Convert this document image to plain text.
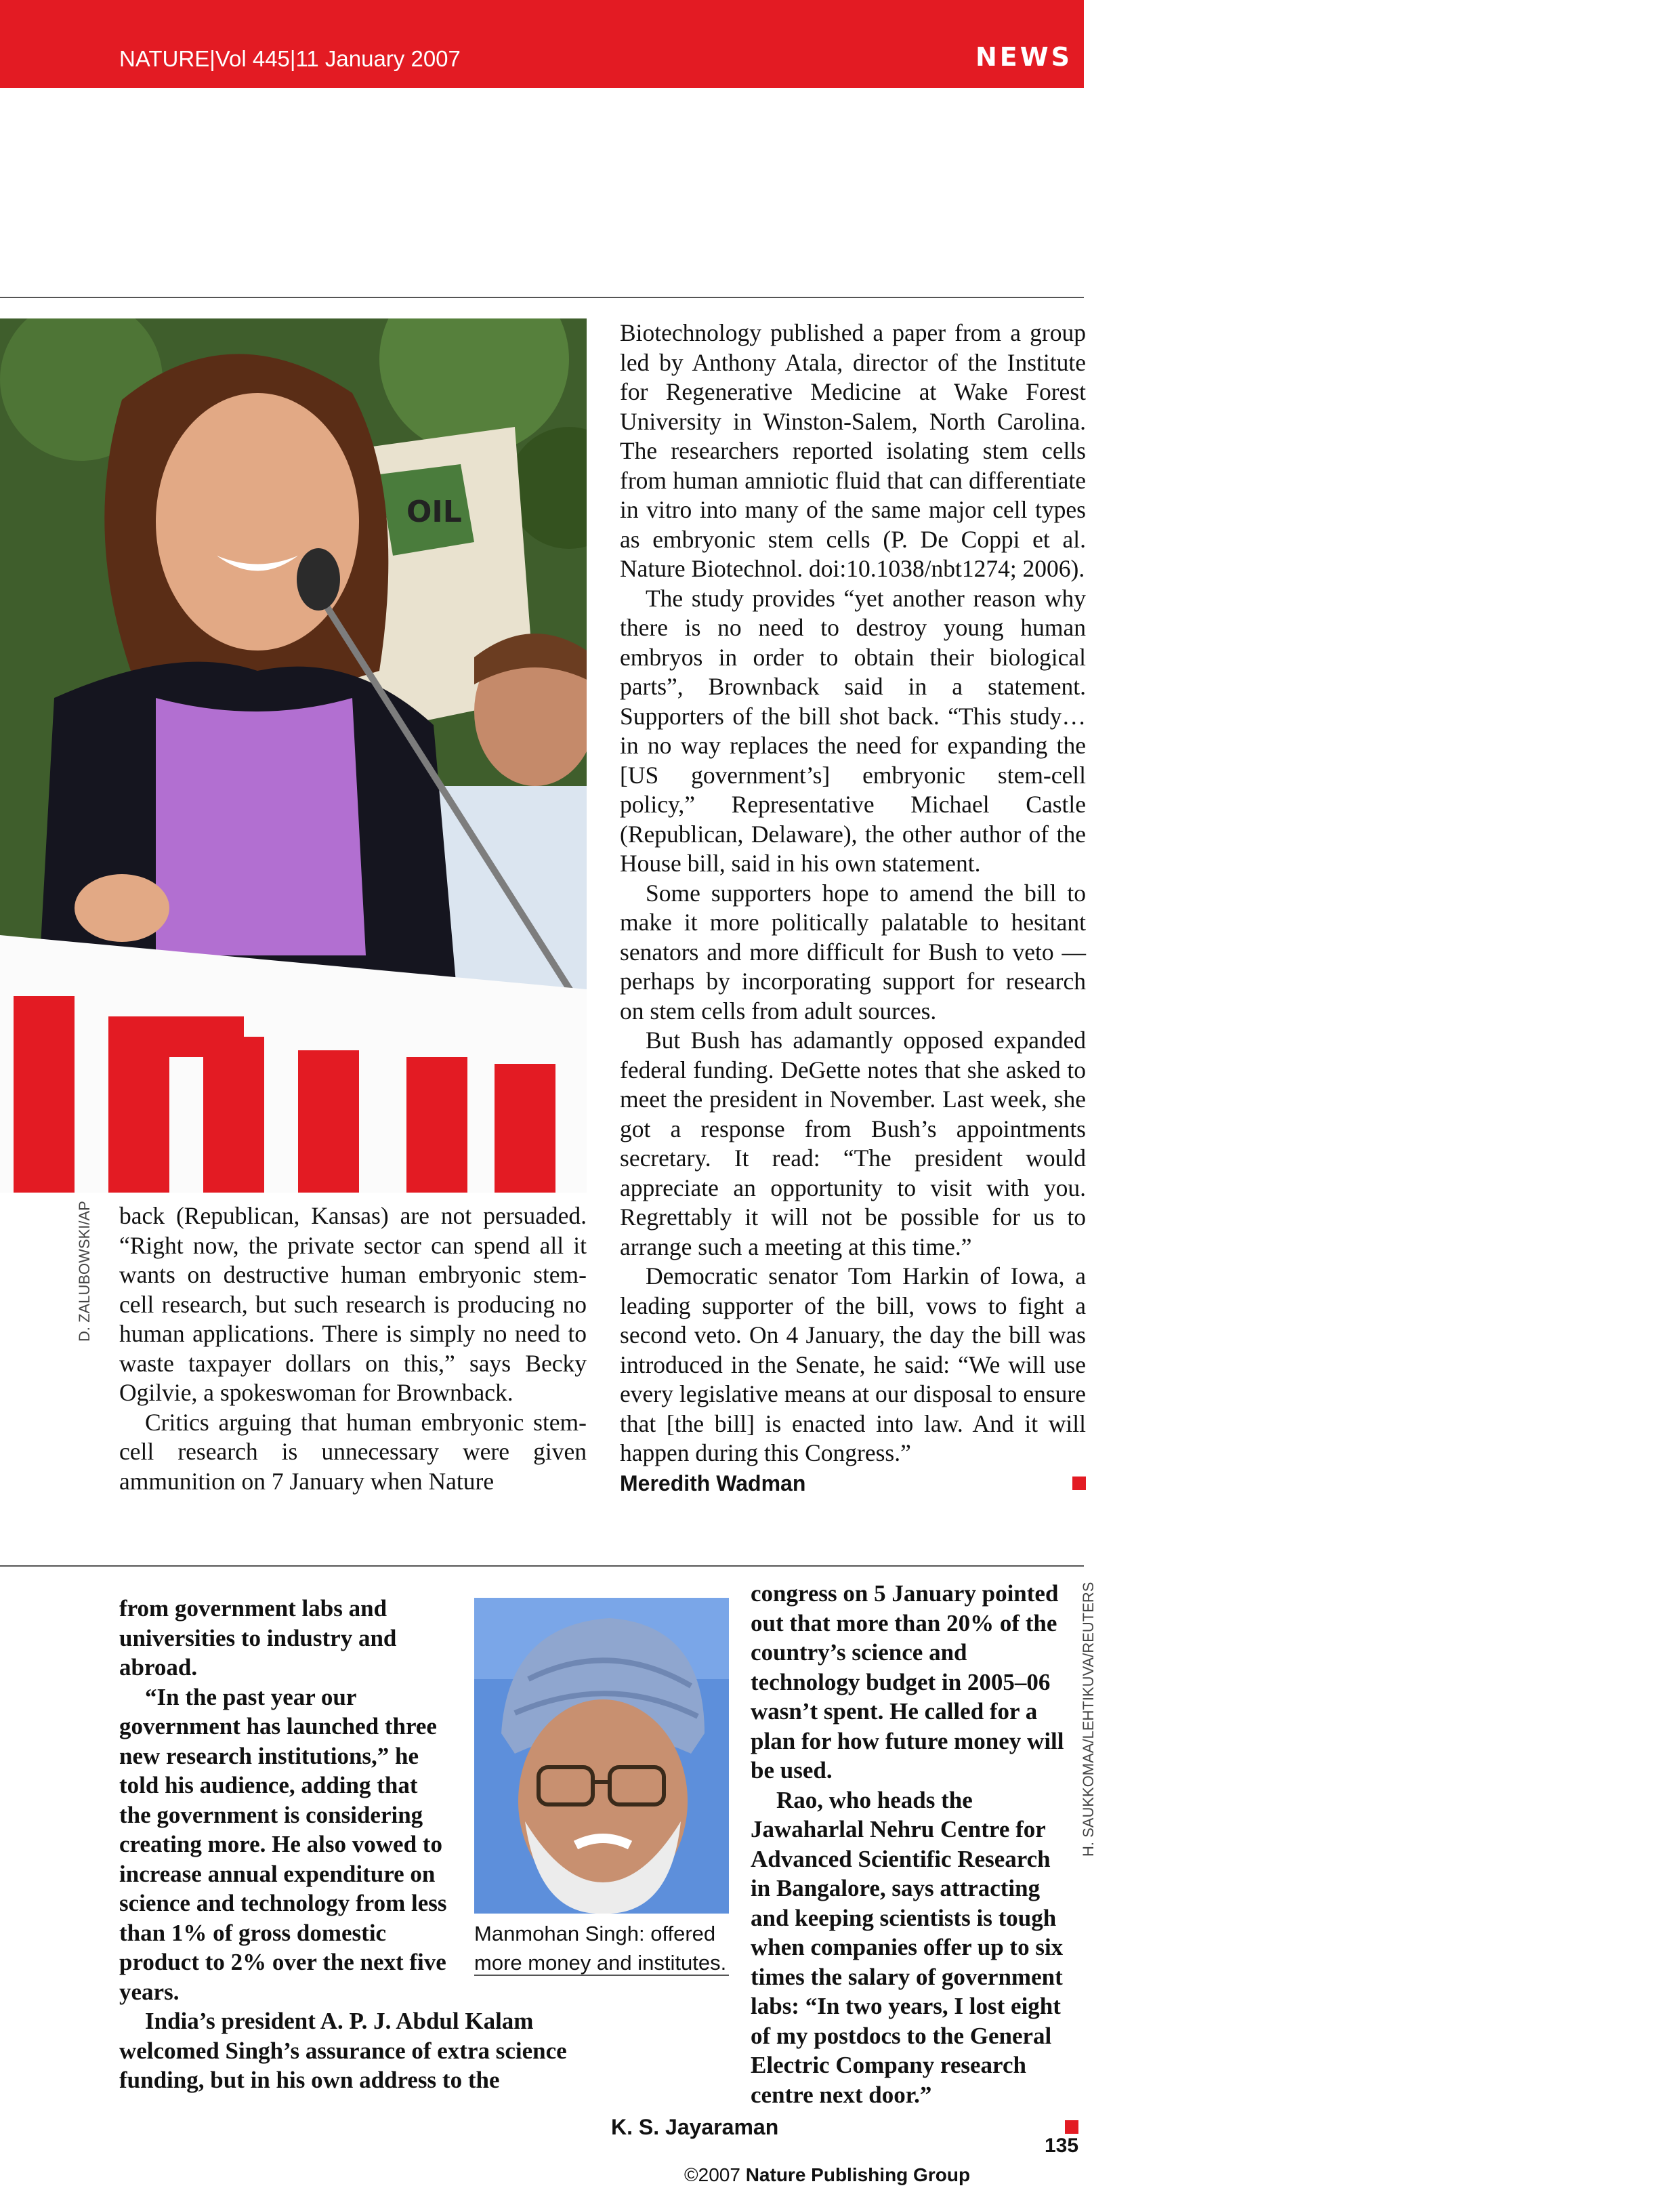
NATURE|Vol 445|11 January 2007	NEWS
OIL
D. ZALUBOWSKI/AP back (Republican, Kansas) are not persuaded. “Right now, the private sector can spend all it wants on destructive human embryonic stem-cell research, but such research is producing no human applications. There is simply no need to waste taxpayer dollars on this,” says Becky Ogilvie, a spokeswoman for Brownback.

Critics arguing that human embryonic stem-cell research is unnecessary were given ammunition on 7 January when Nature

Biotechnology published a paper from a group led by Anthony Atala, director of the Institute for Regenerative Medicine at Wake Forest University in Winston-Salem, North Carolina. The researchers reported isolating stem cells from human amniotic fluid that can differentiate in vitro into many of the same major cell types as embryonic stem cells (P. De Coppi et al. Nature Biotechnol. doi:10.1038/nbt1274; 2006).

The study provides “yet another reason why there is no need to destroy young human embryos in order to obtain their biological parts”, Brownback said in a statement. Supporters of the bill shot back. “This study…in no way replaces the need for expanding the [US government’s] embryonic stem-cell policy,” Representative Michael Castle (Republican, Delaware), the other author of the House bill, said in his own statement.

Some supporters hope to amend the bill to make it more politically palatable to hesitant senators and more difficult for Bush to veto — perhaps by incorporating support for research on stem cells from adult sources.

But Bush has adamantly opposed expanded federal funding. DeGette notes that she asked to meet the president in November. Last week, she got a response from Bush’s appointments secretary. It read: “The president would appreciate an opportunity to visit with you. Regrettably it will not be possible for us to arrange such a meeting at this time.”

Democratic senator Tom Harkin of Iowa, a leading supporter of the bill, vows to fight a second veto. On 4 January, the day the bill was introduced in the Senate, he said: “We will use every legislative means at our disposal to ensure that [the bill] is enacted into law. And it will happen during this Congress.”

Meredith Wadman

from government labs and universities to industry and abroad.

“In the past year our government has launched three new research institutions,” he told his audience, adding that the government is considering creating more. He also vowed to increase annual expenditure on science and technology from less than 1% of gross domestic product to 2% over the next five years.

India’s president A. P. J. Abdul Kalam welcomed Singh’s assurance of extra science funding, but in his own address to the

Manmohan Singh: offered more money and institutes.
H. SAUKKOMAA/LEHTIKUVA/REUTERS

congress on 5 January pointed out that more than 20% of the country’s science and technology budget in 2005–06 wasn’t spent. He called for a plan for how future money will be used.

Rao, who heads the Jawaharlal Nehru Centre for Advanced Scientific Research in Bangalore, says attracting and keeping scientists is tough when companies offer up to six times the salary of government labs: “In two years, I lost eight of my postdocs to the General Electric Company research centre next door.”

K. S. Jayaraman
135
©2007 Nature Publishing Group
